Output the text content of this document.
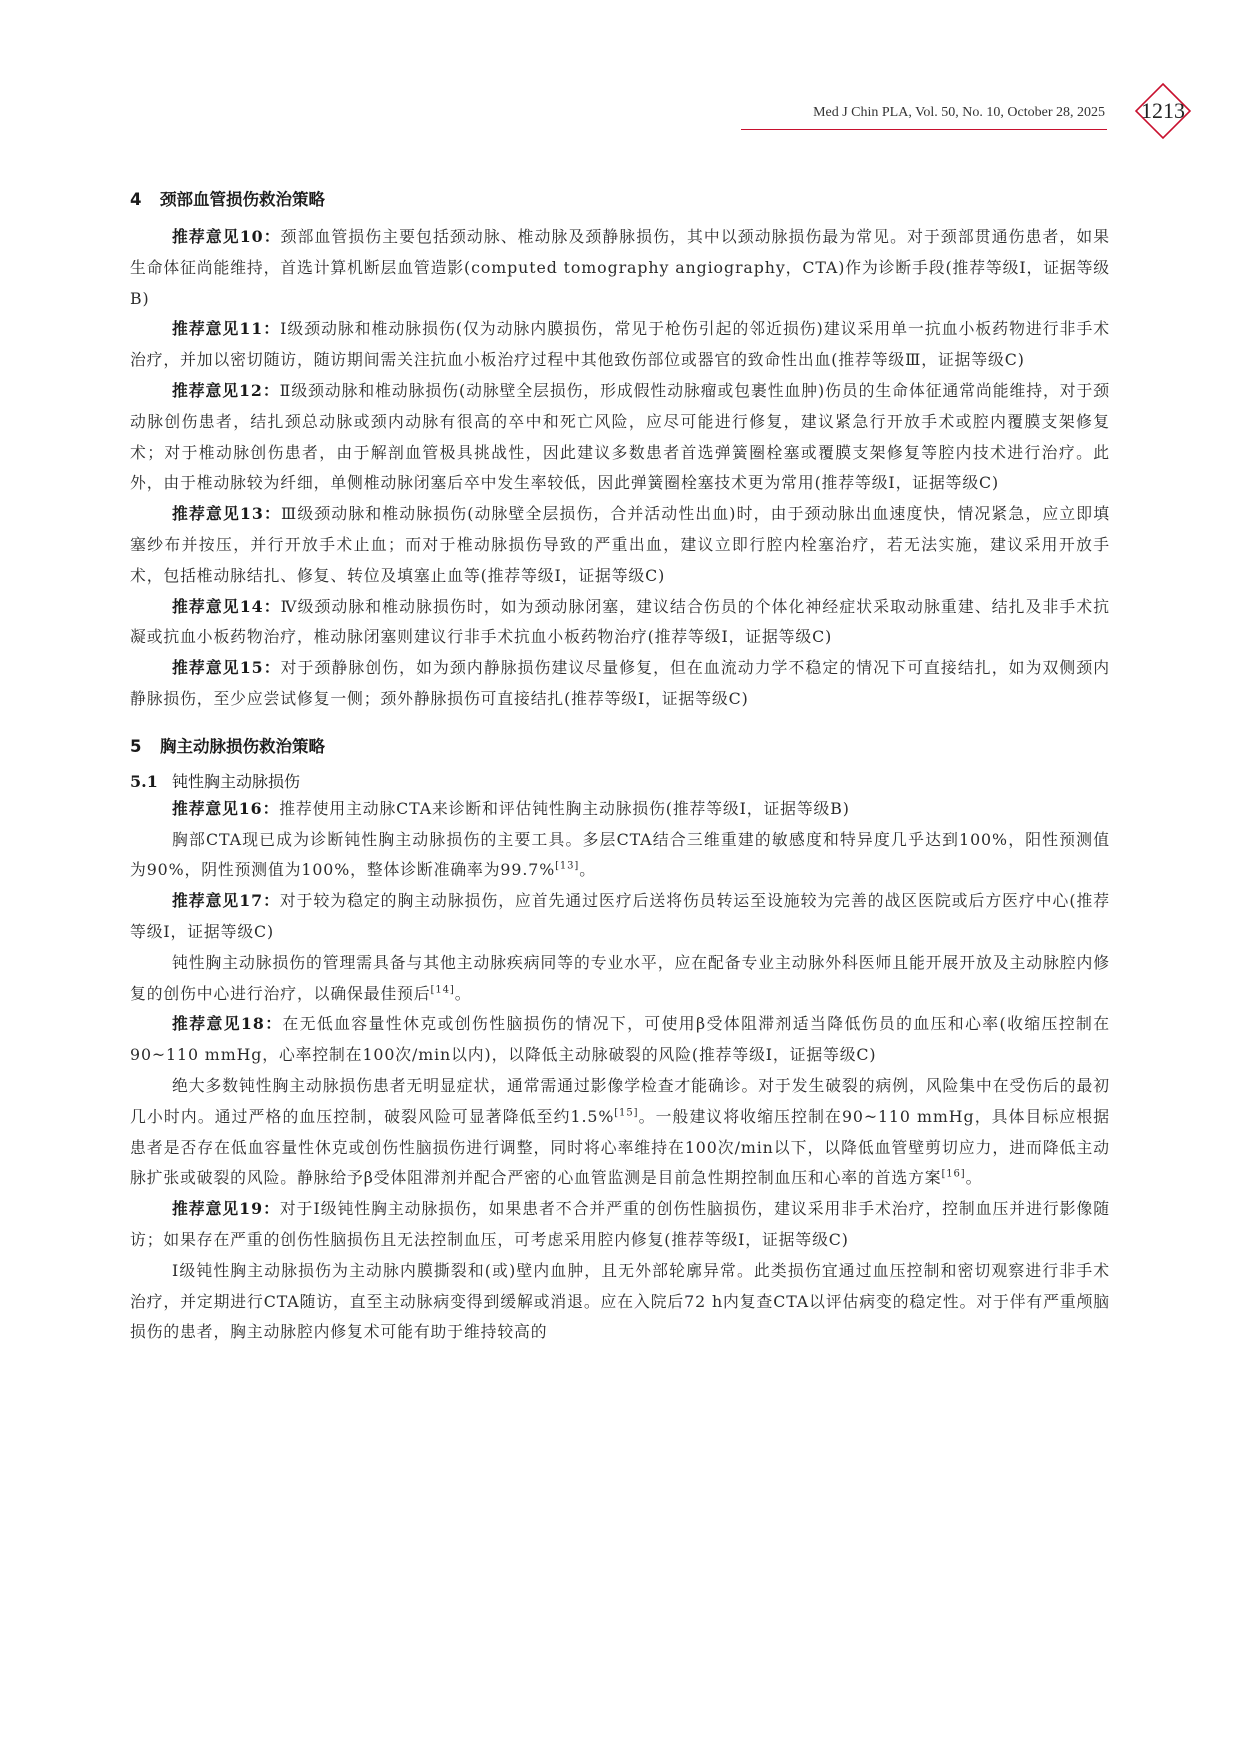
Med J Chin PLA, Vol. 50, No. 10, October 28, 2025	1213
4 颈部血管损伤救治策略

推荐意见10：颈部血管损伤主要包括颈动脉、椎动脉及颈静脉损伤，其中以颈动脉损伤最为常见。对于颈部贯通伤患者，如果生命体征尚能维持，首选计算机断层血管造影(computed tomography angiography，CTA)作为诊断手段(推荐等级Ⅰ，证据等级B)

推荐意见11：Ⅰ级颈动脉和椎动脉损伤(仅为动脉内膜损伤，常见于枪伤引起的邻近损伤)建议采用单一抗血小板药物进行非手术治疗，并加以密切随访，随访期间需关注抗血小板治疗过程中其他致伤部位或器官的致命性出血(推荐等级Ⅲ，证据等级C)

推荐意见12：Ⅱ级颈动脉和椎动脉损伤(动脉壁全层损伤，形成假性动脉瘤或包裹性血肿)伤员的生命体征通常尚能维持，对于颈动脉创伤患者，结扎颈总动脉或颈内动脉有很高的卒中和死亡风险，应尽可能进行修复，建议紧急行开放手术或腔内覆膜支架修复术；对于椎动脉创伤患者，由于解剖血管极具挑战性，因此建议多数患者首选弹簧圈栓塞或覆膜支架修复等腔内技术进行治疗。此外，由于椎动脉较为纤细，单侧椎动脉闭塞后卒中发生率较低，因此弹簧圈栓塞技术更为常用(推荐等级Ⅰ，证据等级C)

推荐意见13：Ⅲ级颈动脉和椎动脉损伤(动脉壁全层损伤，合并活动性出血)时，由于颈动脉出血速度快，情况紧急，应立即填塞纱布并按压，并行开放手术止血；而对于椎动脉损伤导致的严重出血，建议立即行腔内栓塞治疗，若无法实施，建议采用开放手术，包括椎动脉结扎、修复、转位及填塞止血等(推荐等级Ⅰ，证据等级C)

推荐意见14：Ⅳ级颈动脉和椎动脉损伤时，如为颈动脉闭塞，建议结合伤员的个体化神经症状采取动脉重建、结扎及非手术抗凝或抗血小板药物治疗，椎动脉闭塞则建议行非手术抗血小板药物治疗(推荐等级Ⅰ，证据等级C)

推荐意见15：对于颈静脉创伤，如为颈内静脉损伤建议尽量修复，但在血流动力学不稳定的情况下可直接结扎，如为双侧颈内静脉损伤，至少应尝试修复一侧；颈外静脉损伤可直接结扎(推荐等级Ⅰ，证据等级C)

5 胸主动脉损伤救治策略
5.1 钝性胸主动脉损伤

推荐意见16：推荐使用主动脉CTA来诊断和评估钝性胸主动脉损伤(推荐等级Ⅰ，证据等级B)

胸部CTA现已成为诊断钝性胸主动脉损伤的主要工具。多层CTA结合三维重建的敏感度和特异度几乎达到100%，阳性预测值为90%，阴性预测值为100%，整体诊断准确率为99.7%[13]。

推荐意见17：对于较为稳定的胸主动脉损伤，应首先通过医疗后送将伤员转运至设施较为完善的战区医院或后方医疗中心(推荐等级Ⅰ，证据等级C)

钝性胸主动脉损伤的管理需具备与其他主动脉疾病同等的专业水平，应在配备专业主动脉外科医师且能开展开放及主动脉腔内修复的创伤中心进行治疗，以确保最佳预后[14]。

推荐意见18：在无低血容量性休克或创伤性脑损伤的情况下，可使用β受体阻滞剂适当降低伤员的血压和心率(收缩压控制在90~110 mmHg，心率控制在100次/min以内)，以降低主动脉破裂的风险(推荐等级Ⅰ，证据等级C)

绝大多数钝性胸主动脉损伤患者无明显症状，通常需通过影像学检查才能确诊。对于发生破裂的病例，风险集中在受伤后的最初几小时内。通过严格的血压控制，破裂风险可显著降低至约1.5%[15]。一般建议将收缩压控制在90~110 mmHg，具体目标应根据患者是否存在低血容量性休克或创伤性脑损伤进行调整，同时将心率维持在100次/min以下，以降低血管壁剪切应力，进而降低主动脉扩张或破裂的风险。静脉给予β受体阻滞剂并配合严密的心血管监测是目前急性期控制血压和心率的首选方案[16]。

推荐意见19：对于Ⅰ级钝性胸主动脉损伤，如果患者不合并严重的创伤性脑损伤，建议采用非手术治疗，控制血压并进行影像随访；如果存在严重的创伤性脑损伤且无法控制血压，可考虑采用腔内修复(推荐等级Ⅰ，证据等级C)

Ⅰ级钝性胸主动脉损伤为主动脉内膜撕裂和(或)壁内血肿，且无外部轮廓异常。此类损伤宜通过血压控制和密切观察进行非手术治疗，并定期进行CTA随访，直至主动脉病变得到缓解或消退。应在入院后72 h内复查CTA以评估病变的稳定性。对于伴有严重颅脑损伤的患者，胸主动脉腔内修复术可能有助于维持较高的
